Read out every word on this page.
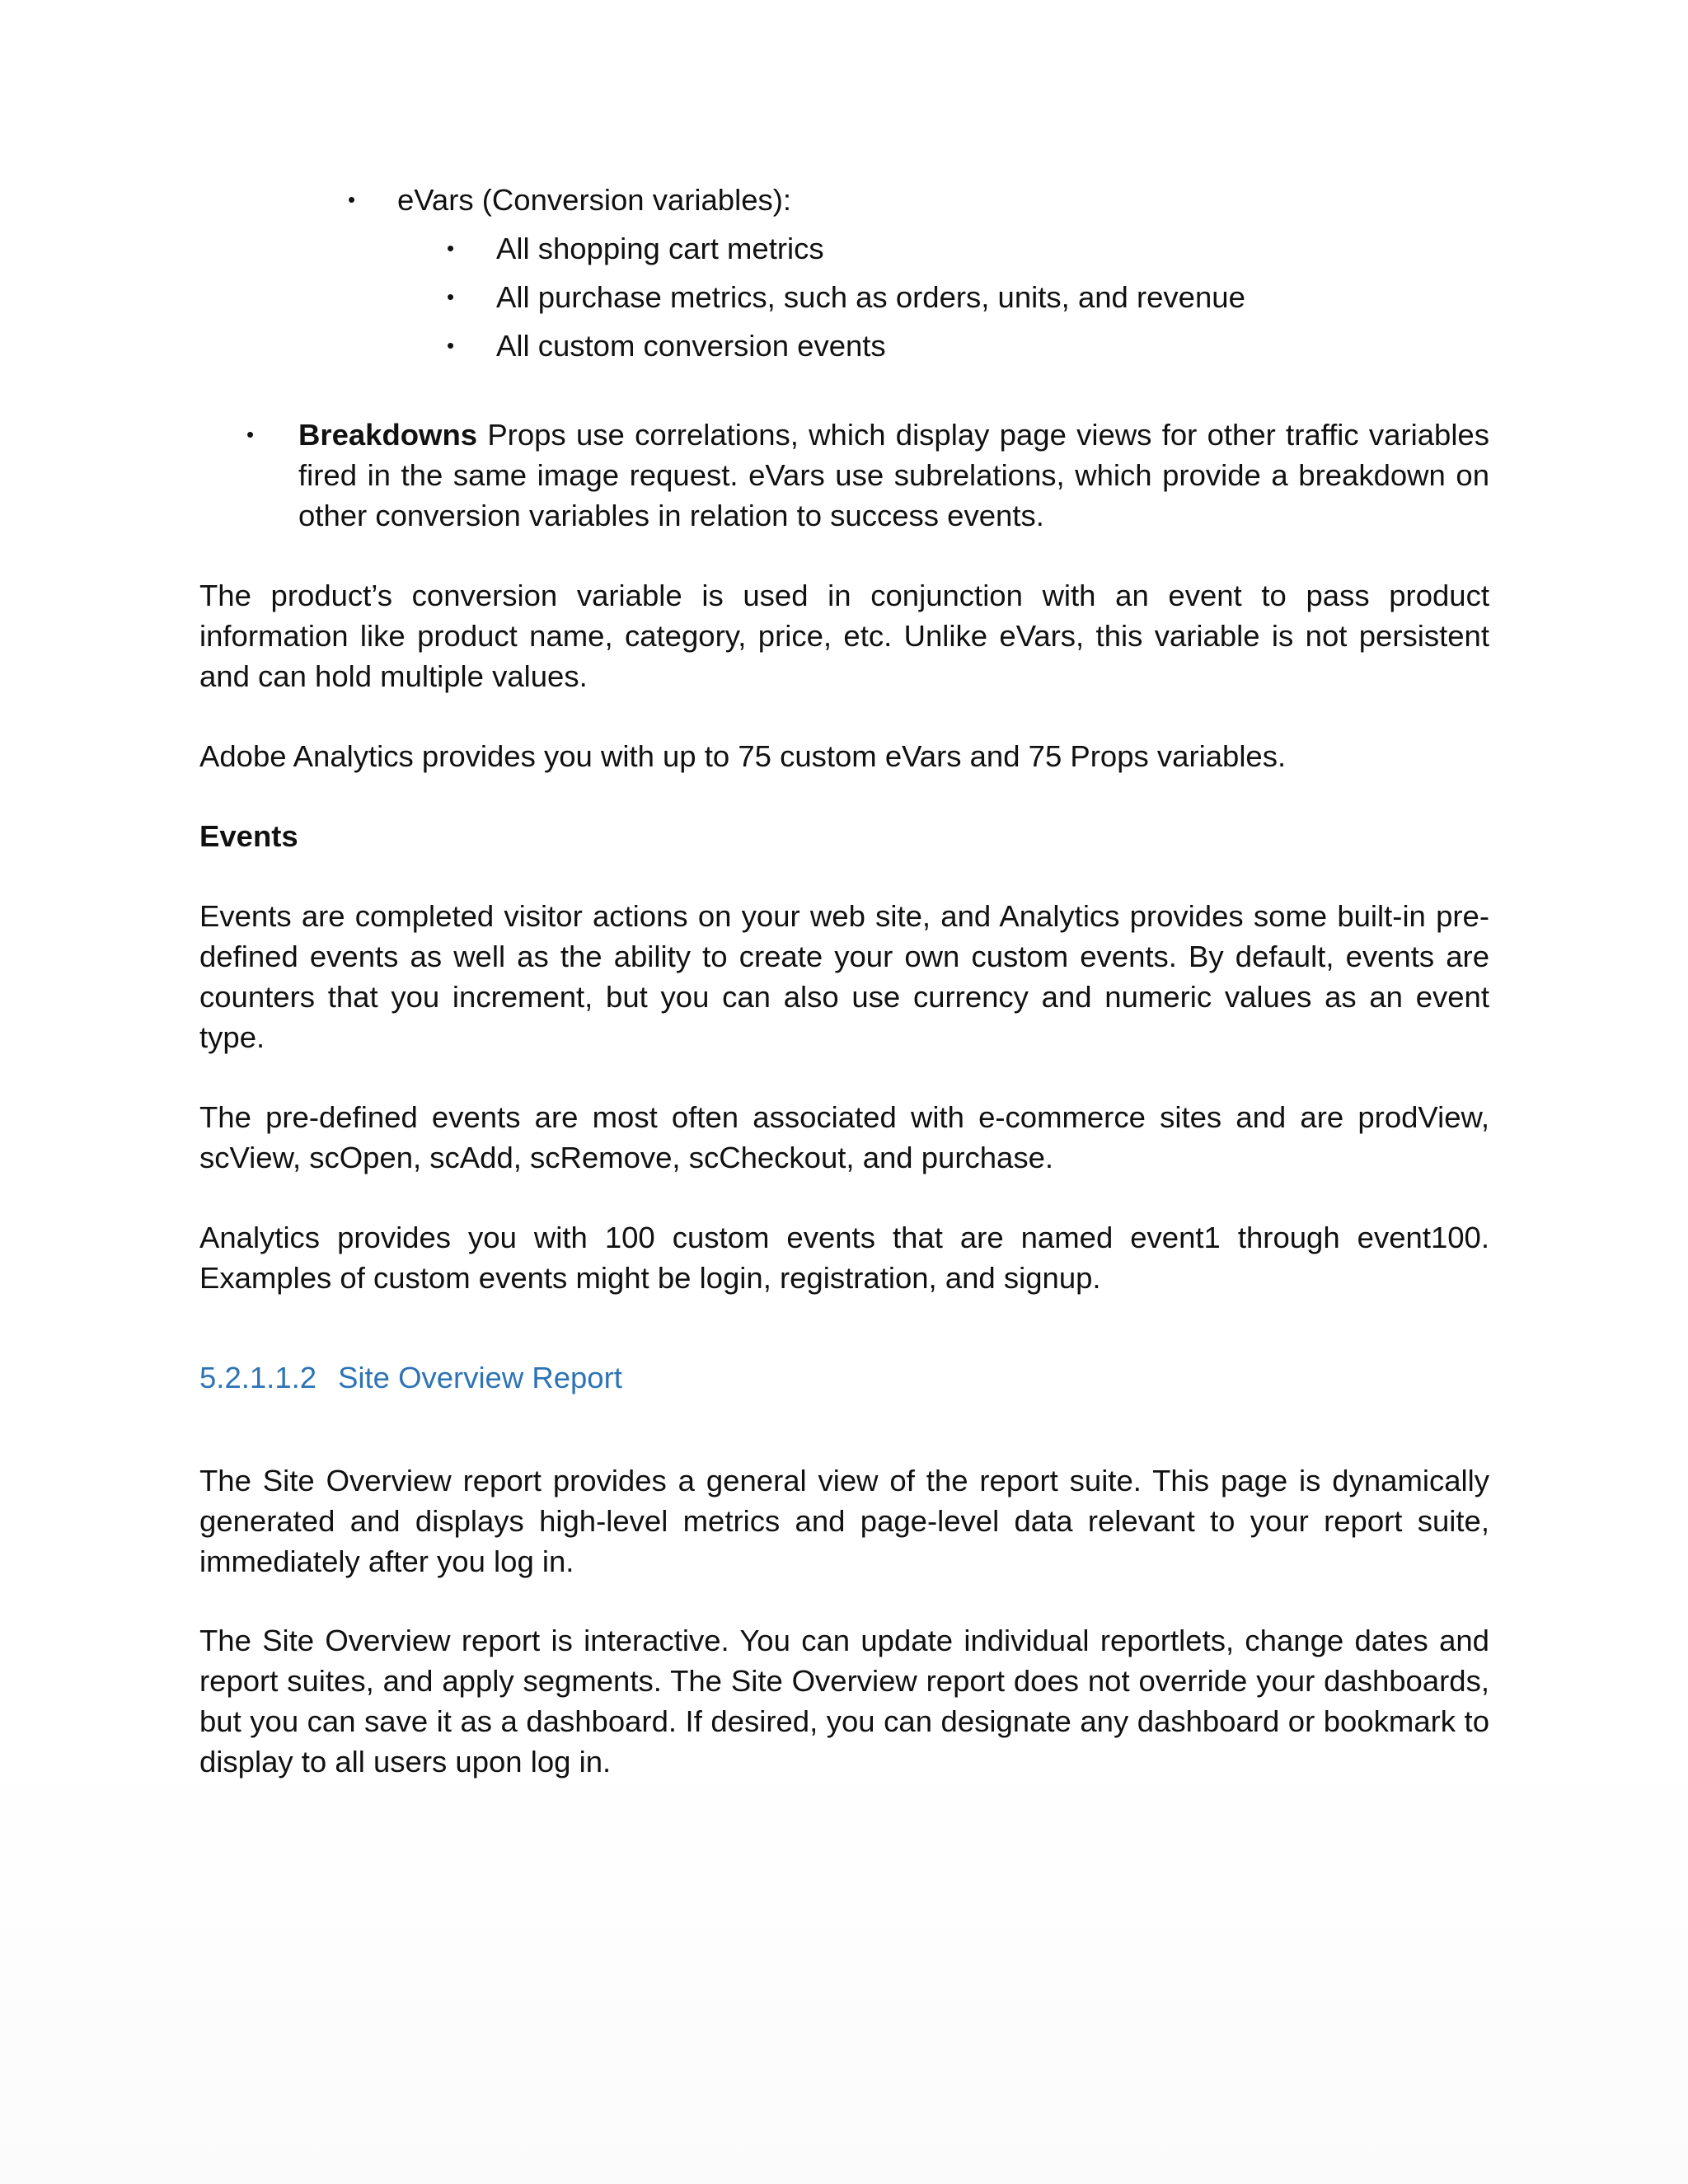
• eVars (Conversion variables):

• All shopping cart metrics
• All purchase metrics, such as orders, units, and revenue
• All custom conversion events
• Breakdowns Props use correlations, which display page views for other traffic variables fired in the same image request. eVars use subrelations, which provide a breakdown on other conversion variables in relation to success events.

The product’s conversion variable is used in conjunction with an event to pass product information like product name, category, price, etc. Unlike eVars, this variable is not persistent and can hold multiple values.

Adobe Analytics provides you with up to 75 custom eVars and 75 Props variables.

Events

Events are completed visitor actions on your web site, and Analytics provides some built-in pre-defined events as well as the ability to create your own custom events. By default, events are counters that you increment, but you can also use currency and numeric values as an event type.

The pre-defined events are most often associated with e-commerce sites and are prodView, scView, scOpen, scAdd, scRemove, scCheckout, and purchase.

Analytics provides you with 100 custom events that are named event1 through event100. Examples of custom events might be login, registration, and signup.

5.2.1.1.2 Site Overview Report

The Site Overview report provides a general view of the report suite. This page is dynamically generated and displays high-level metrics and page-level data relevant to your report suite, immediately after you log in.

The Site Overview report is interactive. You can update individual reportlets, change dates and report suites, and apply segments. The Site Overview report does not override your dashboards, but you can save it as a dashboard. If desired, you can designate any dashboard or bookmark to display to all users upon log in.
